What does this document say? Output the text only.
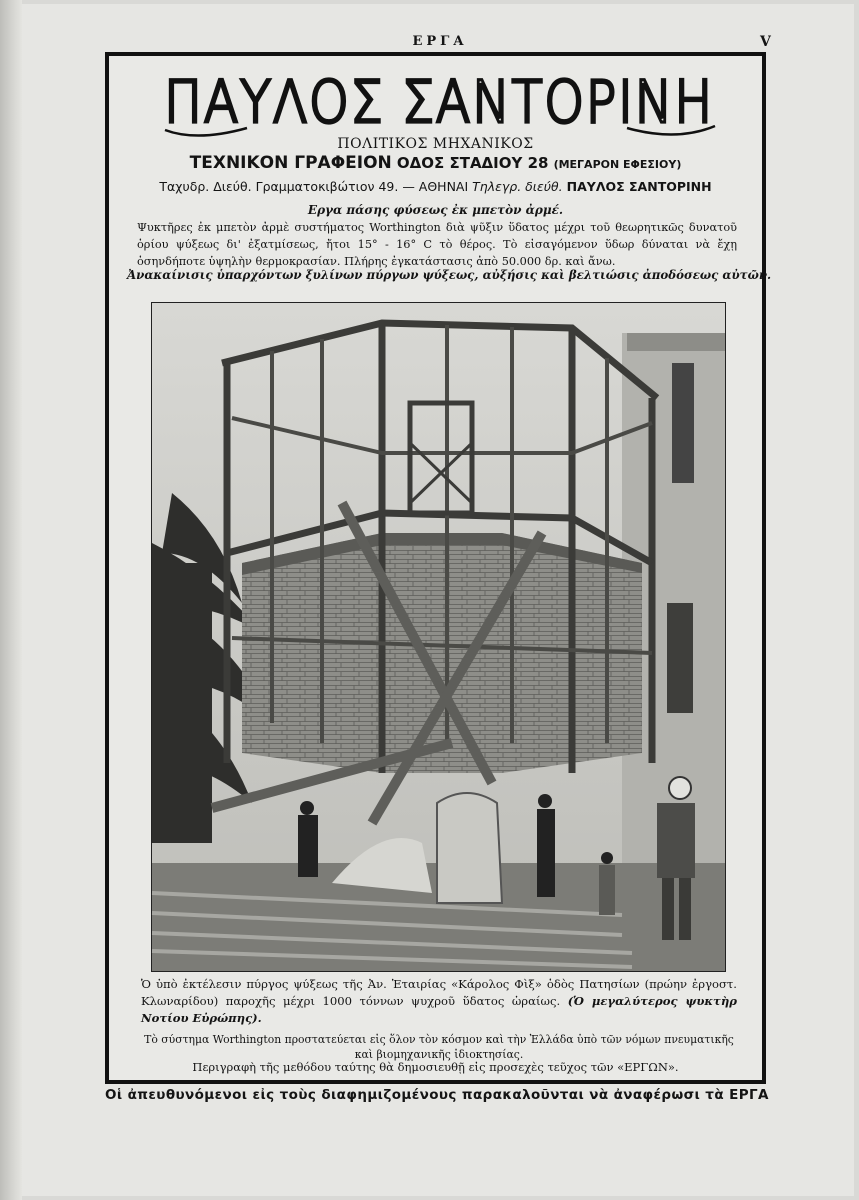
ΕΡΓΑ	V
ΠΑΥΛΟΣ ΣΑΝΤΟΡΙΝΗ
ΠΟΛΙΤΙΚΟΣ ΜΗΧΑΝΙΚΟΣ
ΤΕΧΝΙΚΟΝ ΓΡΑΦΕΙΟΝ ΟΔΟΣ ΣΤΑΔΙΟΥ 28 (ΜΕΓΑΡΟΝ ΕΦΕΣΙΟΥ)
Ταχυδρ. Διεύθ. Γραμματοκιβώτιον 49. — ΑΘΗΝΑΙ Τηλεγρ. διεύθ. ΠΑΥΛΟΣ ΣΑΝΤΟΡΙΝΗ
Εργα πάσης φύσεως ἐκ μπετὸν ἀρμέ.
Ψυκτῆρες ἐκ μπετὸν ἀρμὲ συστήματος Worthington διὰ ψῦξιν ὕδατος μέχρι τοῦ θεωρητικῶς δυνατοῦ ὁρίου ψύξεως δι' ἐξατμίσεως, ἤτοι 15° - 16° C τὸ θέρος. Τὸ εἰσαγόμενον ὕδωρ δύναται νὰ ἔχῃ ὁσηνδήποτε ὑψηλὴν θερμοκρασίαν. Πλήρης ἐγκατάστασις ἀπὸ 50.000 δρ. καὶ ἄνω.
Ἀνακαίνισις ὑπαρχόντων ξυλίνων πύργων ψύξεως, αὐξήσις καὶ βελτιώσις ἀποδόσεως αὐτῶν.
Ὁ ὑπὸ ἐκτέλεσιν πύργος ψύξεως τῆς Ἀν. Ἑταιρίας «Κάρολος Φὶξ» ὁδὸς Πατησίων (πρώην ἐργοστ. Κλωναρίδου) παροχῆς μέχρι 1000 τόννων ψυχροῦ ὕδατος ὡραίως. (Ὁ μεγαλύτερος ψυκτὴρ Νοτίου Εὐρώπης).
Τὸ σύστημα Worthington προστατεύεται εἰς ὅλον τὸν κόσμον καὶ τὴν Ἑλλάδα ὑπὸ τῶν νόμων πνευματικῆς καὶ βιομηχανικῆς ἰδιοκτησίας.
Περιγραφὴ τῆς μεθόδου ταύτης θὰ δημοσιευθῇ εἰς προσεχὲς τεῦχος τῶν «ΕΡΓΩΝ».
Οἱ ἀπευθυνόμενοι εἰς τοὺς διαφημιζομένους παρακαλοῦνται νὰ ἀναφέρωσι τὰ ΕΡΓΑ
